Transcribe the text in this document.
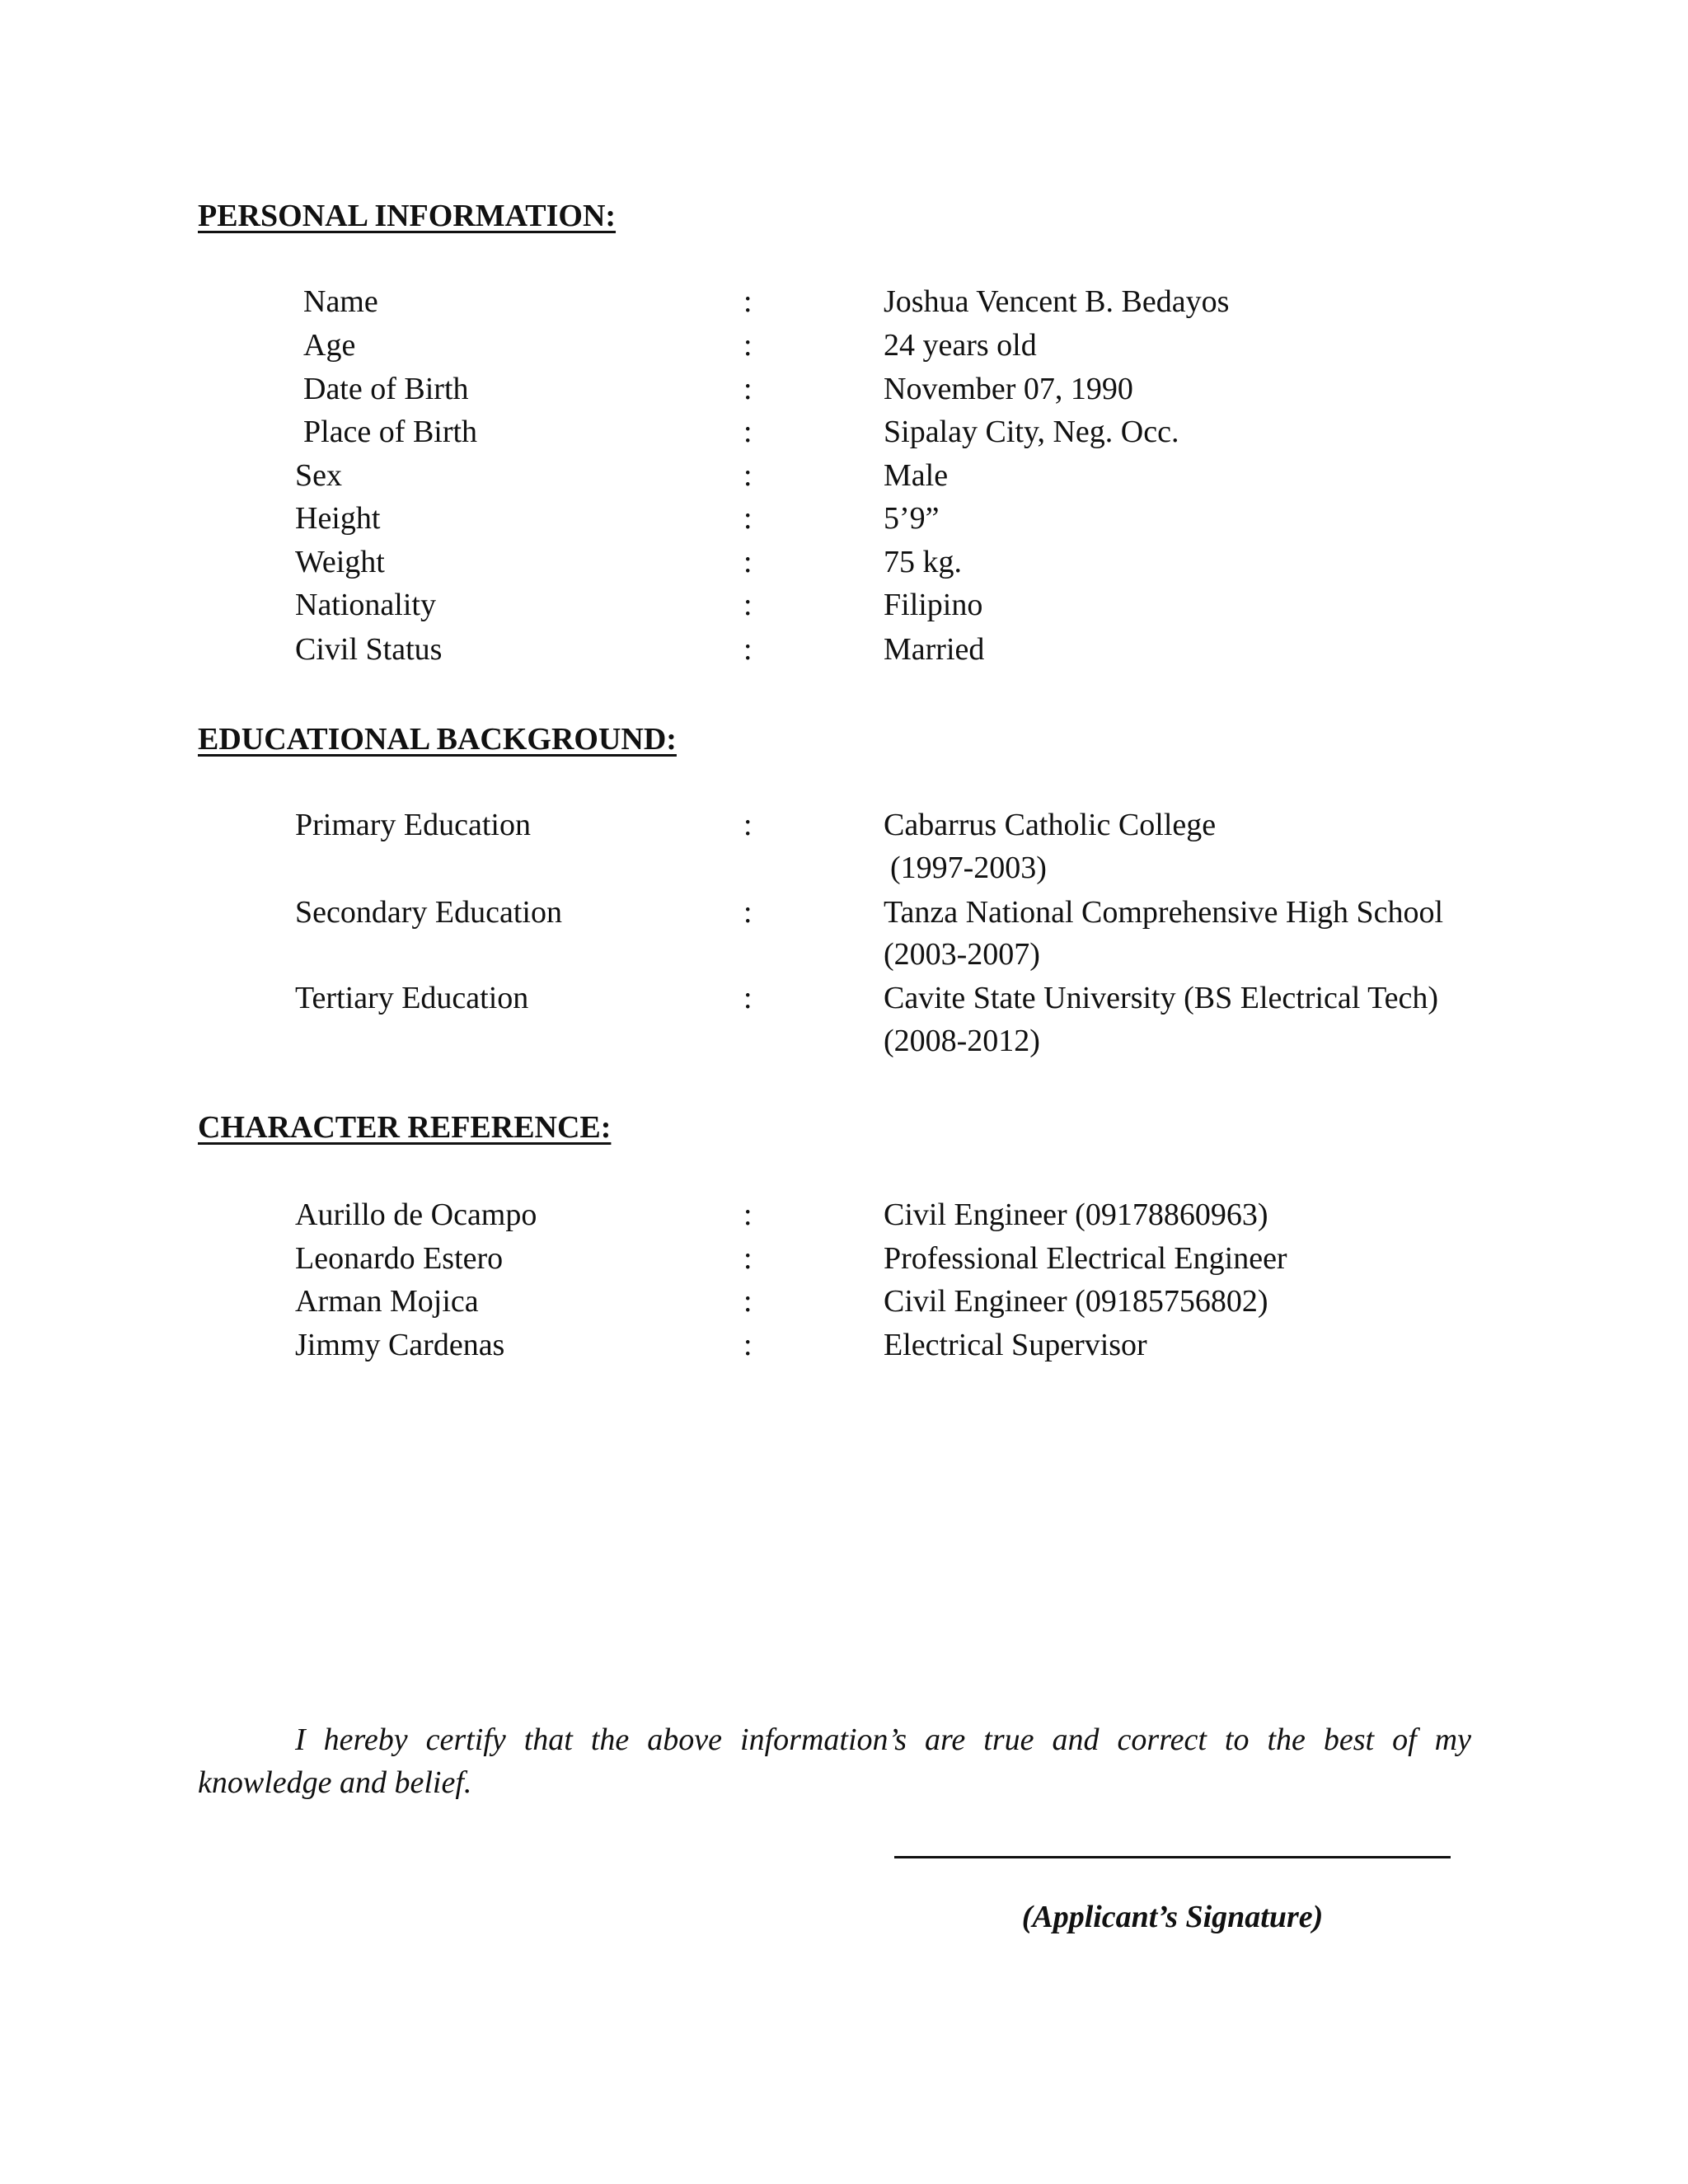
PERSONAL INFORMATION:
Name	:	Joshua Vencent B. Bedayos
Age	:	24 years old
Date of Birth	:	November 07, 1990
Place of Birth	:	Sipalay City, Neg. Occ.
Sex	:	Male
Height	:	5’9”
Weight	:	75 kg.
Nationality	:	Filipino
Civil Status	:	Married
EDUCATIONAL BACKGROUND:
Primary Education	:	Cabarrus Catholic College
(1997-2003)
Secondary Education	:	Tanza National Comprehensive High School
(2003-2007)
Tertiary Education	:	Cavite State University (BS Electrical Tech)
(2008-2012)
CHARACTER REFERENCE:
Aurillo de Ocampo	:	Civil Engineer (09178860963)
Leonardo Estero	:	Professional Electrical Engineer
Arman Mojica	:	Civil Engineer (09185756802)
Jimmy Cardenas	:	Electrical Supervisor
I hereby certify that the above information’s are true and correct to the best of my
knowledge and belief.
(Applicant’s Signature)
